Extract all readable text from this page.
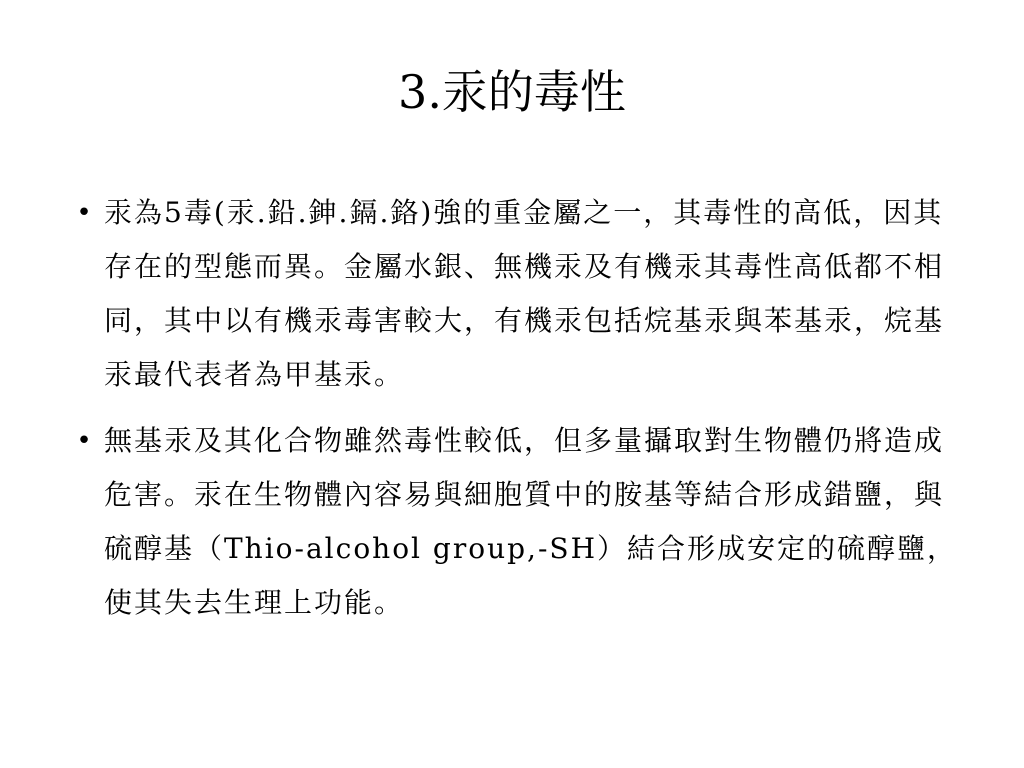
3.汞的毒性
• 汞為5毒(汞.鉛.鉮.鎘.鉻)強的重金屬之一，其毒性的高低，因其存在的型態而異。金屬水銀、無機汞及有機汞其毒性高低都不相同，其中以有機汞毒害較大，有機汞包括烷基汞與苯基汞，烷基汞最代表者為甲基汞。
• 無基汞及其化合物雖然毒性較低，但多量攝取對生物體仍將造成危害。汞在生物體內容易與細胞質中的胺基等結合形成錯鹽，與硫醇基（Thio-alcohol group,-SH）結合形成安定的硫醇鹽，使其失去生理上功能。
